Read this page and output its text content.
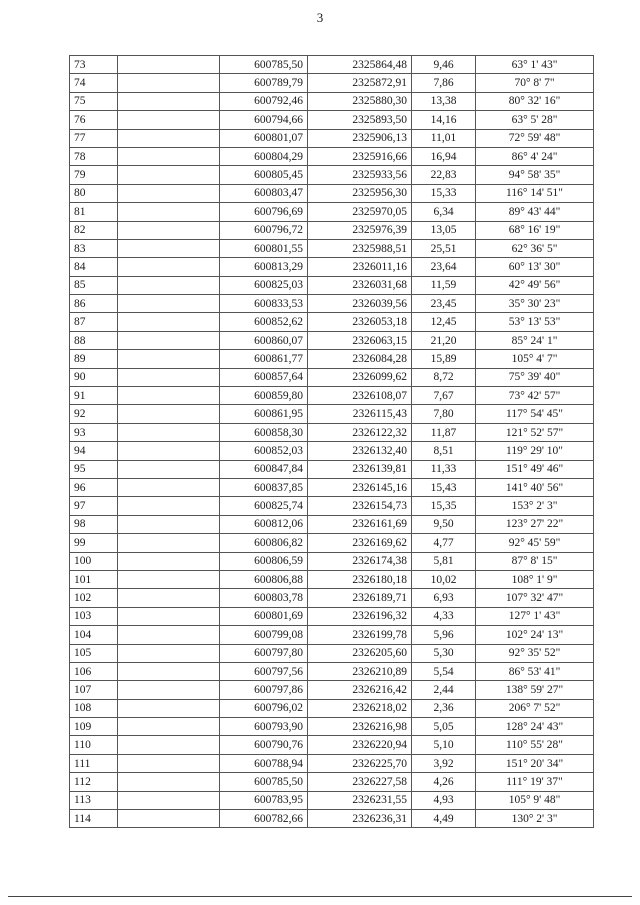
3
73		600785,50	2325864,48	9,46	63° 1' 43"
74		600789,79	2325872,91	7,86	70° 8' 7"
75		600792,46	2325880,30	13,38	80° 32' 16"
76		600794,66	2325893,50	14,16	63° 5' 28"
77		600801,07	2325906,13	11,01	72° 59' 48"
78		600804,29	2325916,66	16,94	86° 4' 24"
79		600805,45	2325933,56	22,83	94° 58' 35"
80		600803,47	2325956,30	15,33	116° 14' 51"
81		600796,69	2325970,05	6,34	89° 43' 44"
82		600796,72	2325976,39	13,05	68° 16' 19"
83		600801,55	2325988,51	25,51	62° 36' 5"
84		600813,29	2326011,16	23,64	60° 13' 30"
85		600825,03	2326031,68	11,59	42° 49' 56"
86		600833,53	2326039,56	23,45	35° 30' 23"
87		600852,62	2326053,18	12,45	53° 13' 53"
88		600860,07	2326063,15	21,20	85° 24' 1"
89		600861,77	2326084,28	15,89	105° 4' 7"
90		600857,64	2326099,62	8,72	75° 39' 40"
91		600859,80	2326108,07	7,67	73° 42' 57"
92		600861,95	2326115,43	7,80	117° 54' 45"
93		600858,30	2326122,32	11,87	121° 52' 57"
94		600852,03	2326132,40	8,51	119° 29' 10"
95		600847,84	2326139,81	11,33	151° 49' 46"
96		600837,85	2326145,16	15,43	141° 40' 56"
97		600825,74	2326154,73	15,35	153° 2' 3"
98		600812,06	2326161,69	9,50	123° 27' 22"
99		600806,82	2326169,62	4,77	92° 45' 59"
100		600806,59	2326174,38	5,81	87° 8' 15"
101		600806,88	2326180,18	10,02	108° 1' 9"
102		600803,78	2326189,71	6,93	107° 32' 47"
103		600801,69	2326196,32	4,33	127° 1' 43"
104		600799,08	2326199,78	5,96	102° 24' 13"
105		600797,80	2326205,60	5,30	92° 35' 52"
106		600797,56	2326210,89	5,54	86° 53' 41"
107		600797,86	2326216,42	2,44	138° 59' 27"
108		600796,02	2326218,02	2,36	206° 7' 52"
109		600793,90	2326216,98	5,05	128° 24' 43"
110		600790,76	2326220,94	5,10	110° 55' 28"
111		600788,94	2326225,70	3,92	151° 20' 34"
112		600785,50	2326227,58	4,26	111° 19' 37"
113		600783,95	2326231,55	4,93	105° 9' 48"
114		600782,66	2326236,31	4,49	130° 2' 3"
